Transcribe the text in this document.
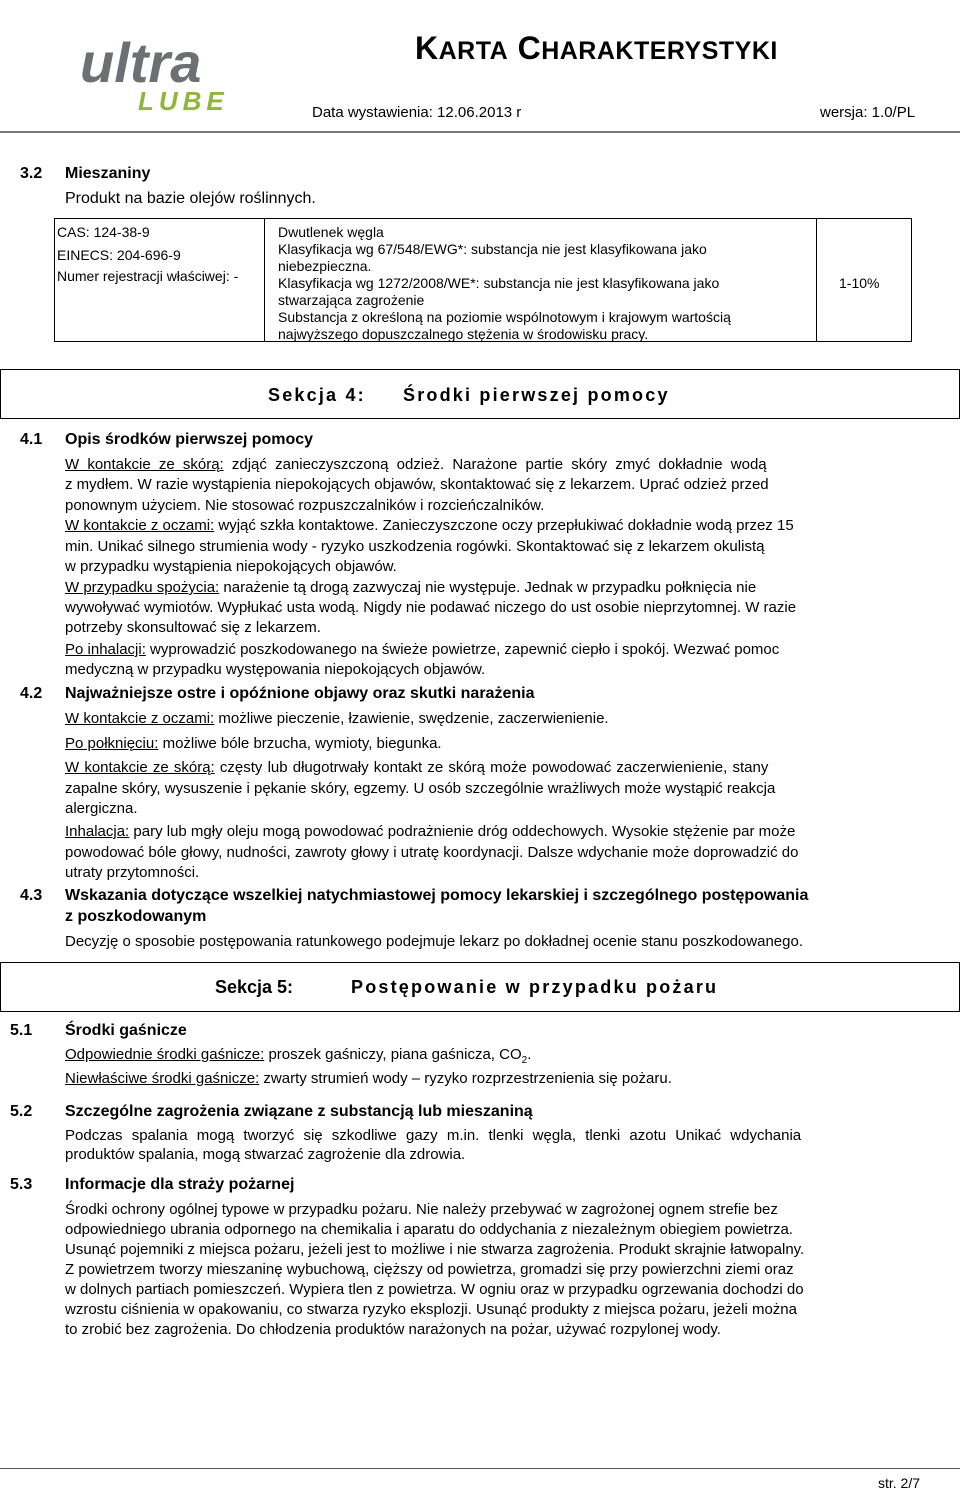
ultra
LUBE
KARTA CHARAKTERYSTYKI
Data wystawienia: 12.06.2013 r	wersja: 1.0/PL
3.2 Mieszaniny
Produkt na bazie olejów roślinnych.
CAS: 124-38-9
EINECS: 204-696-9
Numer rejestracji właściwej: -
Dwutlenek węgla
Klasyfikacja wg 67/548/EWG*: substancja nie jest klasyfikowana jako
niebezpieczna.
Klasyfikacja wg 1272/2008/WE*: substancja nie jest klasyfikowana jako
stwarzająca zagrożenie
Substancja z określoną na poziomie wspólnotowym i krajowym wartością
najwyższego dopuszczalnego stężenia w środowisku pracy.
1-10%
Sekcja 4: Środki pierwszej pomocy
4.1 Opis środków pierwszej pomocy
W kontakcie ze skórą: zdjąć zanieczyszczoną odzież. Narażone partie skóry zmyć dokładnie wodą
z mydłem. W razie wystąpienia niepokojących objawów, skontaktować się z lekarzem. Uprać odzież przed
ponownym użyciem. Nie stosować rozpuszczalników i rozcieńczalników.
W kontakcie z oczami: wyjąć szkła kontaktowe. Zanieczyszczone oczy przepłukiwać dokładnie wodą przez 15
min. Unikać silnego strumienia wody - ryzyko uszkodzenia rogówki. Skontaktować się z lekarzem okulistą
w przypadku wystąpienia niepokojących objawów.
W przypadku spożycia: narażenie tą drogą zazwyczaj nie występuje. Jednak w przypadku połknięcia nie
wywoływać wymiotów. Wypłukać usta wodą. Nigdy nie podawać niczego do ust osobie nieprzytomnej. W razie
potrzeby skonsultować się z lekarzem.
Po inhalacji: wyprowadzić poszkodowanego na świeże powietrze, zapewnić ciepło i spokój. Wezwać pomoc
medyczną w przypadku występowania niepokojących objawów.
4.2 Najważniejsze ostre i opóźnione objawy oraz skutki narażenia
W kontakcie z oczami: możliwe pieczenie, łzawienie, swędzenie, zaczerwienienie.
Po połknięciu: możliwe bóle brzucha, wymioty, biegunka.
W kontakcie ze skórą: częsty lub długotrwały kontakt ze skórą może powodować zaczerwienienie, stany
zapalne skóry, wysuszenie i pękanie skóry, egzemy. U osób szczególnie wrażliwych może wystąpić reakcja
alergiczna.
Inhalacja: pary lub mgły oleju mogą powodować podrażnienie dróg oddechowych. Wysokie stężenie par może
powodować bóle głowy, nudności, zawroty głowy i utratę koordynacji. Dalsze wdychanie może doprowadzić do
utraty przytomności.
4.3 Wskazania dotyczące wszelkiej natychmiastowej pomocy lekarskiej i szczególnego postępowania
z poszkodowanym
Decyzję o sposobie postępowania ratunkowego podejmuje lekarz po dokładnej ocenie stanu poszkodowanego.
Sekcja 5:	Postępowanie w przypadku pożaru
5.1 Środki gaśnicze
Odpowiednie środki gaśnicze: proszek gaśniczy, piana gaśnicza, $CO_2$.
Niewłaściwe środki gaśnicze: zwarty strumień wody – ryzyko rozprzestrzenienia się pożaru.
5.2 Szczególne zagrożenia związane z substancją lub mieszaniną
Podczas spalania mogą tworzyć się szkodliwe gazy m.in. tlenki węgla, tlenki azotu Unikać wdychania
produktów spalania, mogą stwarzać zagrożenie dla zdrowia.
5.3 Informacje dla straży pożarnej
Środki ochrony ogólnej typowe w przypadku pożaru. Nie należy przebywać w zagrożonej ognem strefie bez
odpowiedniego ubrania odpornego na chemikalia i aparatu do oddychania z niezależnym obiegiem powietrza.
Usunąć pojemniki z miejsca pożaru, jeżeli jest to możliwe i nie stwarza zagrożenia. Produkt skrajnie łatwopalny.
Z powietrzem tworzy mieszaninę wybuchową, cięższy od powietrza, gromadzi się przy powierzchni ziemi oraz
w dolnych partiach pomieszczeń. Wypiera tlen z powietrza. W ogniu oraz w przypadku ogrzewania dochodzi do
wzrostu ciśnienia w opakowaniu, co stwarza ryzyko eksplozji. Usunąć produkty z miejsca pożaru, jeżeli można
to zrobić bez zagrożenia. Do chłodzenia produktów narażonych na pożar, używać rozpylonej wody.
str. 2/7
